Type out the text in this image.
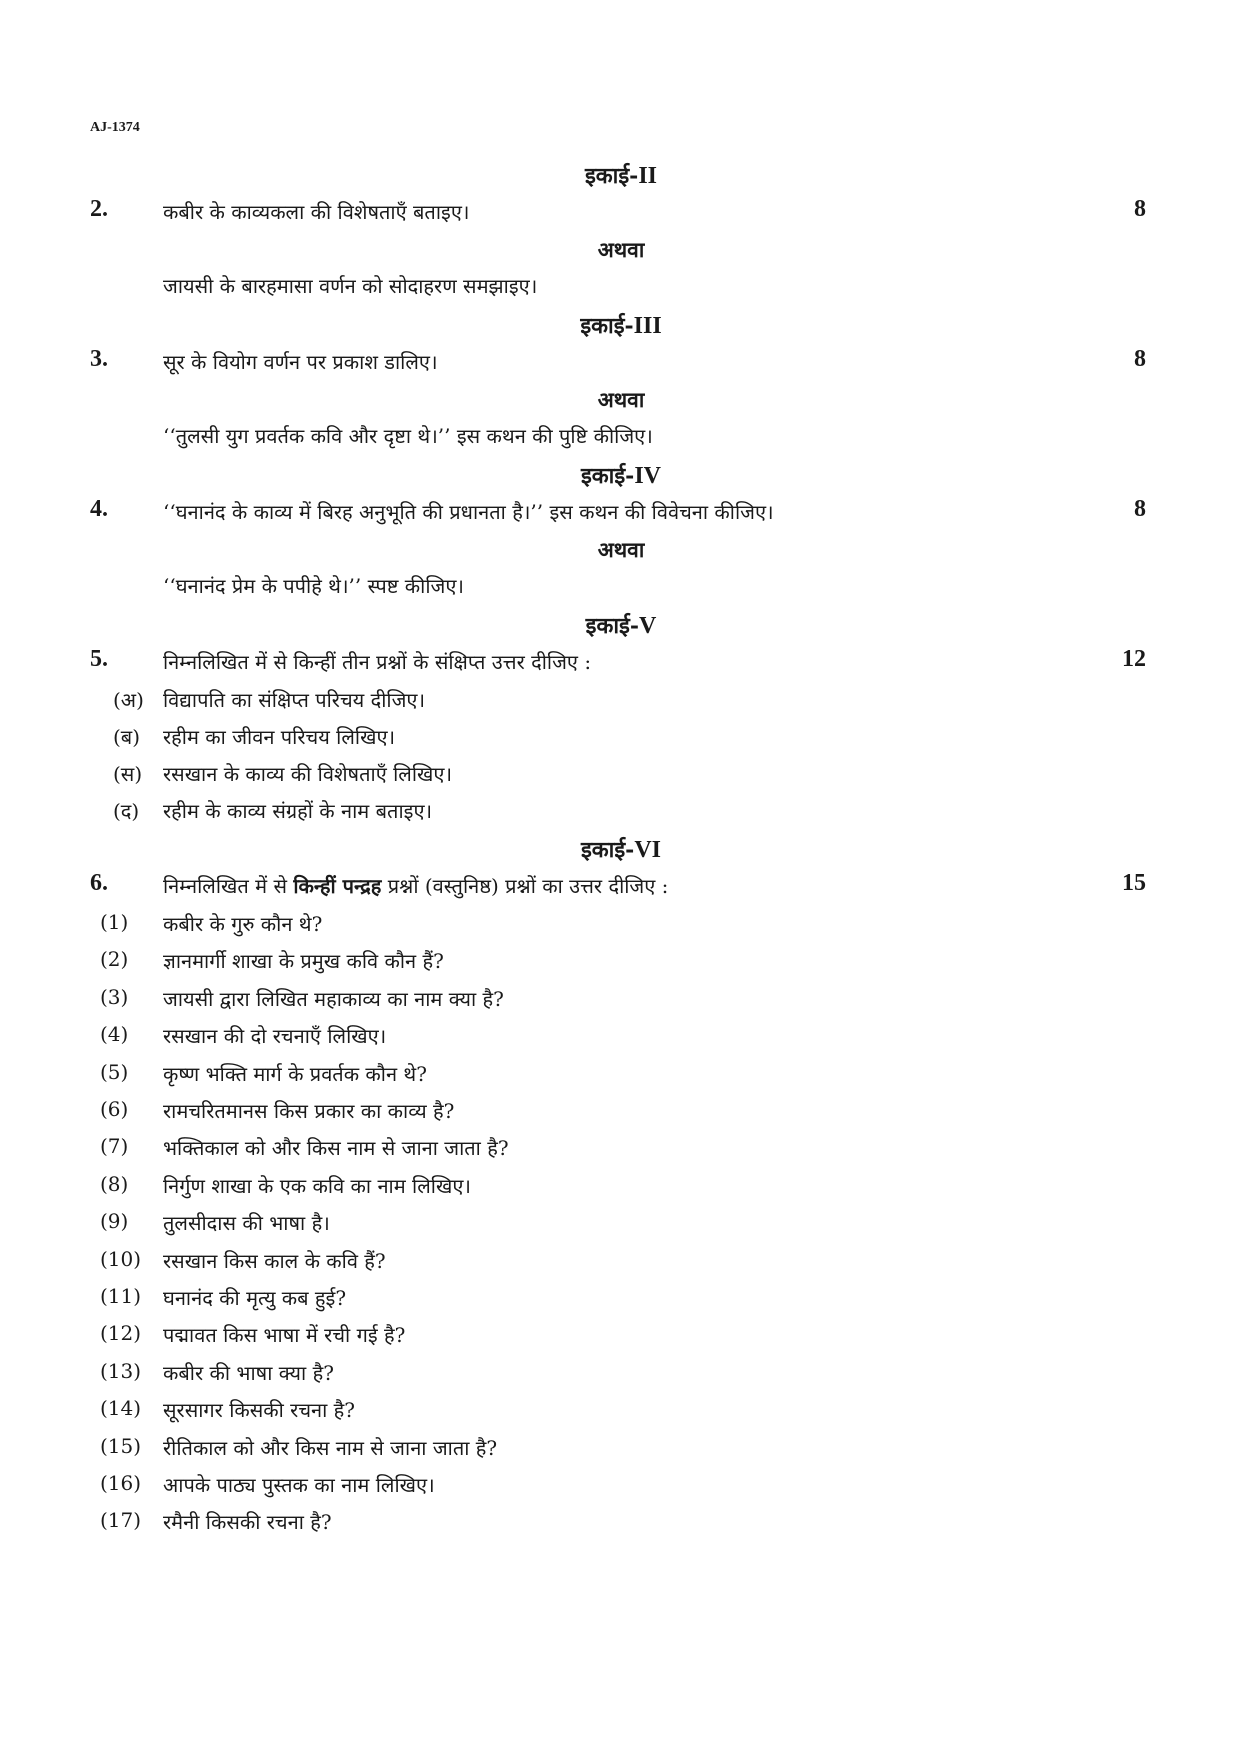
AJ-1374
इकाई-II
2.	कबीर के काव्यकला की विशेषताएँ बताइए।	8
अथवा
जायसी के बारहमासा वर्णन को सोदाहरण समझाइए।
इकाई-III
3.	सूर के वियोग वर्णन पर प्रकाश डालिए।	8
अथवा
‘‘तुलसी युग प्रवर्तक कवि और दृष्टा थे।’’ इस कथन की पुष्टि कीजिए।
इकाई-IV
4.	‘‘घनानंद के काव्य में बिरह अनुभूति की प्रधानता है।’’ इस कथन की विवेचना कीजिए।	8
अथवा
‘‘घनानंद प्रेम के पपीहे थे।’’ स्पष्ट कीजिए।
इकाई-V
5.	निम्नलिखित में से किन्हीं तीन प्रश्नों के संक्षिप्त उत्तर दीजिए :	12
(अ) विद्यापति का संक्षिप्त परिचय दीजिए।
(ब) रहीम का जीवन परिचय लिखिए।
(स) रसखान के काव्य की विशेषताएँ लिखिए।
(द) रहीम के काव्य संग्रहों के नाम बताइए।
इकाई-VI
6.	निम्नलिखित में से किन्हीं पन्द्रह प्रश्नों (वस्तुनिष्ठ) प्रश्नों का उत्तर दीजिए :	15
(1) कबीर के गुरु कौन थे?
(2) ज्ञानमार्गी शाखा के प्रमुख कवि कौन हैं?
(3) जायसी द्वारा लिखित महाकाव्य का नाम क्या है?
(4) रसखान की दो रचनाएँ लिखिए।
(5) कृष्ण भक्ति मार्ग के प्रवर्तक कौन थे?
(6) रामचरितमानस किस प्रकार का काव्य है?
(7) भक्तिकाल को और किस नाम से जाना जाता है?
(8) निर्गुण शाखा के एक कवि का नाम लिखिए।
(9) तुलसीदास की भाषा है।
(10) रसखान किस काल के कवि हैं?
(11) घनानंद की मृत्यु कब हुई?
(12) पद्मावत किस भाषा में रची गई है?
(13) कबीर की भाषा क्या है?
(14) सूरसागर किसकी रचना है?
(15) रीतिकाल को और किस नाम से जाना जाता है?
(16) आपके पाठ्य पुस्तक का नाम लिखिए।
(17) रमैनी किसकी रचना है?
